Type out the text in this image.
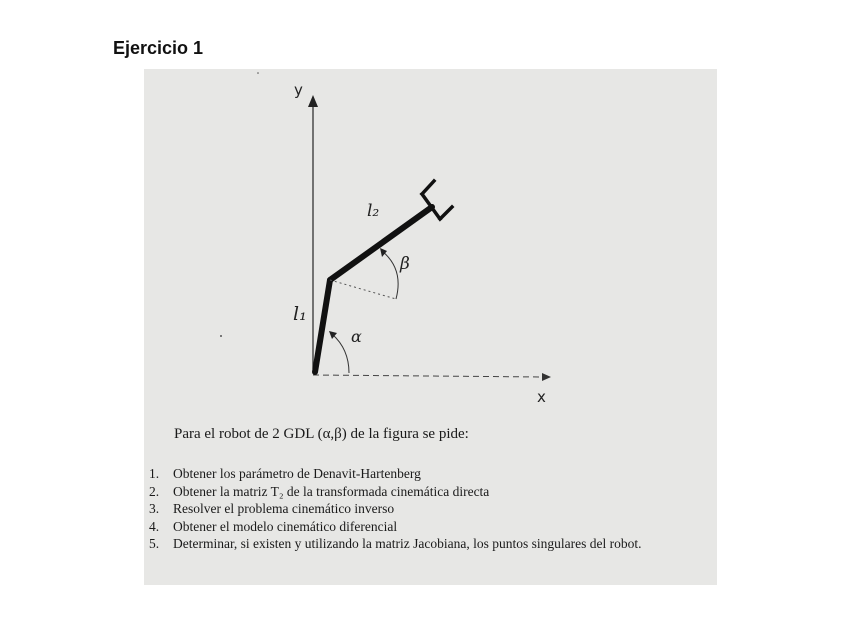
Ejercicio 1
y
x
l₁
l₂
α
β
Para el robot de 2 GDL (α,β) de la figura se pide:
1. Obtener los parámetro de Denavit-Hartenberg
2. Obtener la matriz T₂ de la transformada cinemática directa
3. Resolver el problema cinemático inverso
4. Obtener el modelo cinemático diferencial
5. Determinar, si existen y utilizando la matriz Jacobiana, los puntos singulares del robot.
